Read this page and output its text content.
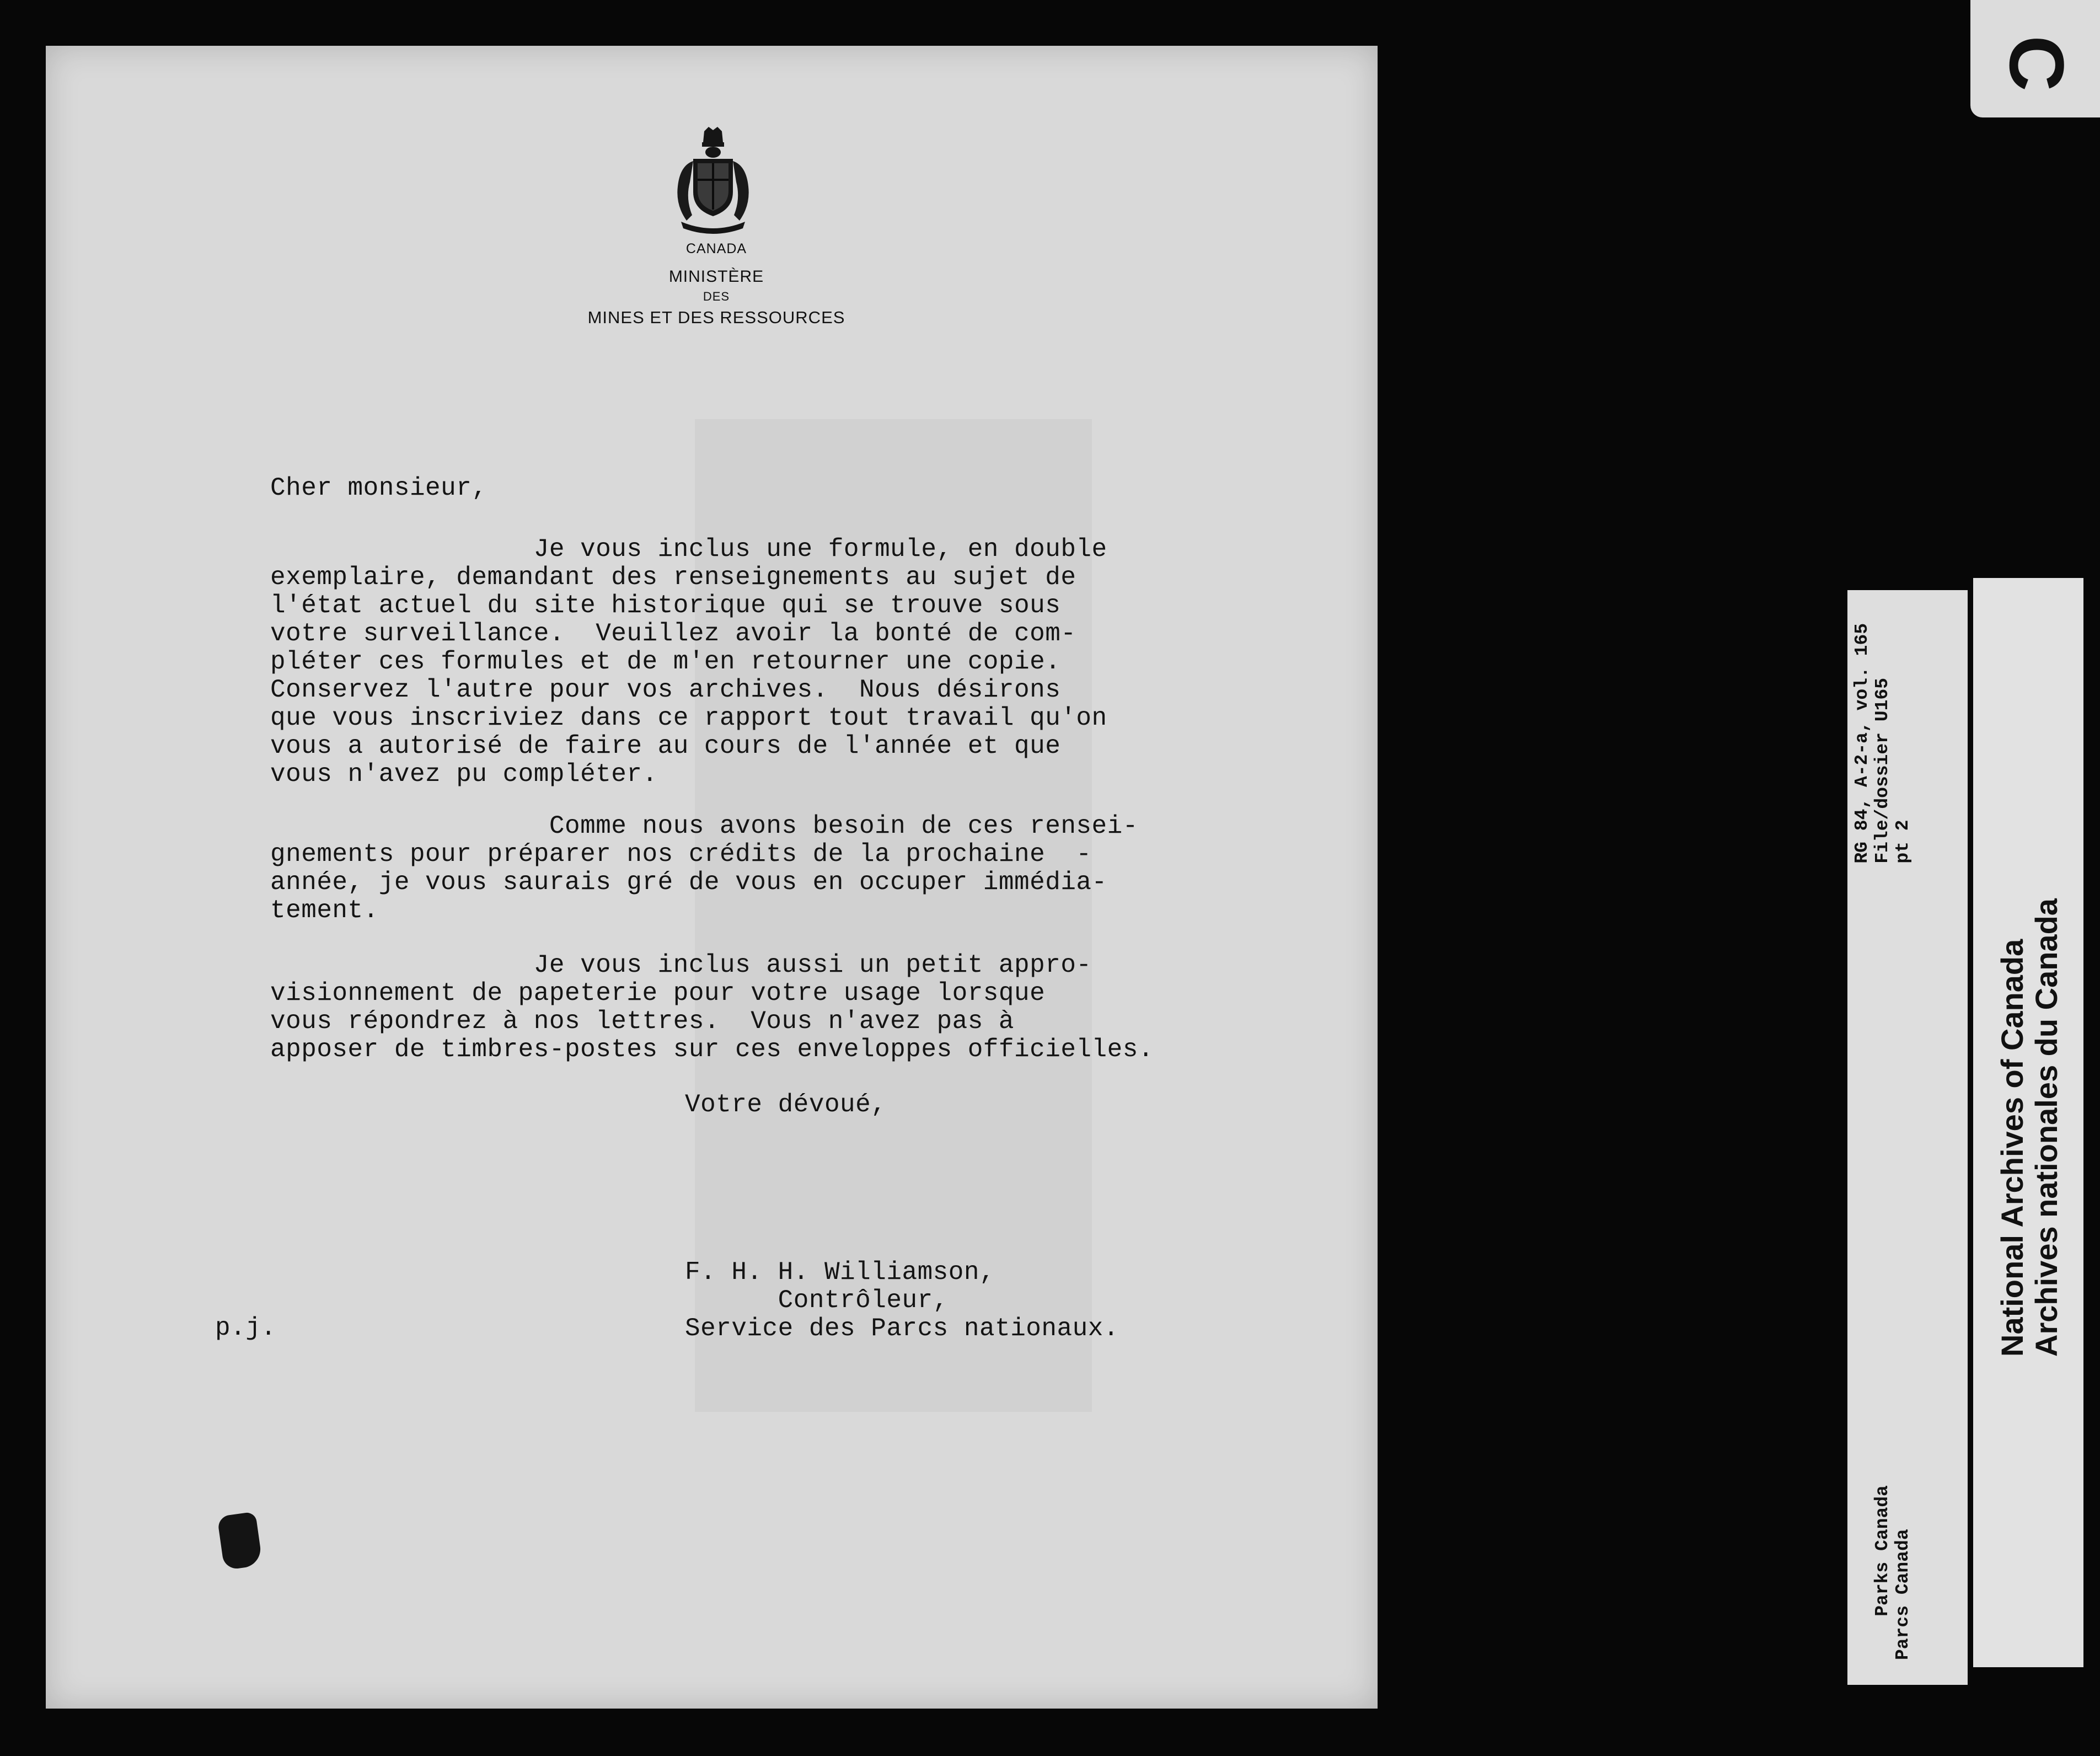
CANADA
MINISTÈRE
DES
MINES ET DES RESSOURCES
Cher monsieur,
Je vous inclus une formule, en double
exemplaire, demandant des renseignements au sujet de
l'état actuel du site historique qui se trouve sous
votre surveillance.  Veuillez avoir la bonté de com-
pléter ces formules et de m'en retourner une copie.
Conservez l'autre pour vos archives.  Nous désirons
que vous inscriviez dans ce rapport tout travail qu'on
vous a autorisé de faire au cours de l'année et que
vous n'avez pu compléter.
Comme nous avons besoin de ces rensei-
gnements pour préparer nos crédits de la prochaine  -
année, je vous saurais gré de vous en occuper immédia-
tement.
Je vous inclus aussi un petit appro-
visionnement de papeterie pour votre usage lorsque
vous répondrez à nos lettres.  Vous n'avez pas à
apposer de timbres-postes sur ces enveloppes officielles.
Votre dévoué,
F. H. H. Williamson,
Contrôleur,
Service des Parcs nationaux.
p.j.
C

Parks Canada
Parcs Canada

RG 84, A-2-a, vol. 165
File/dossier U165
pt 2

National Archives of Canada
Archives nationales du Canada
